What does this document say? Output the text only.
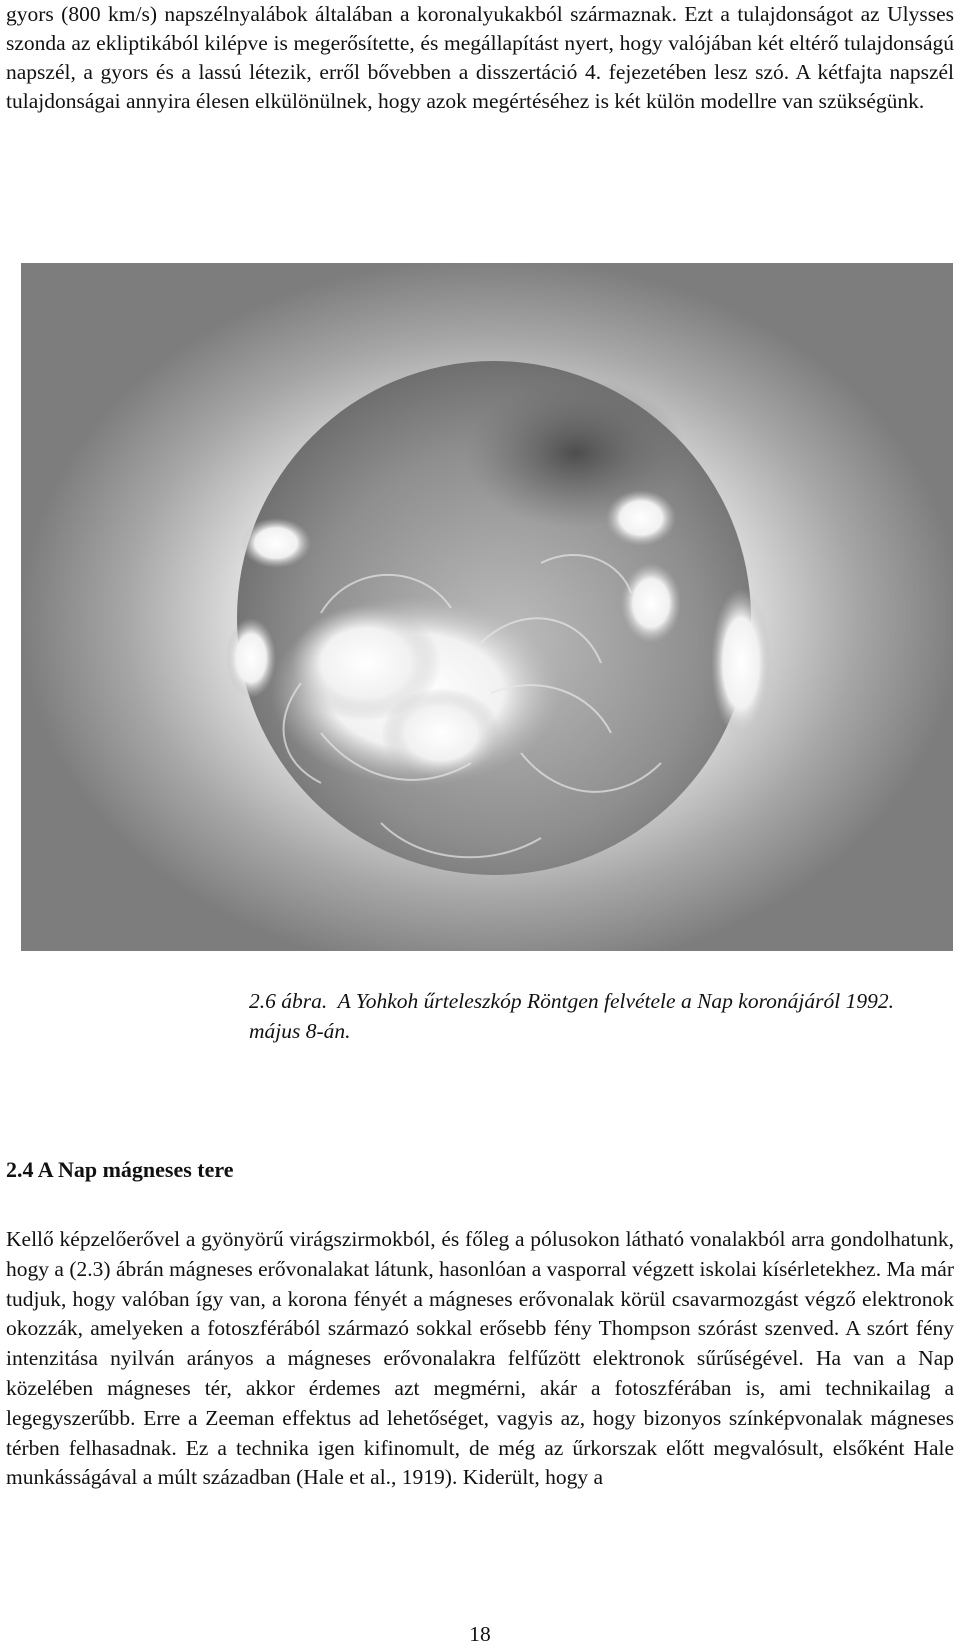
gyors (800 km/s) napszélnyalábok általában a koronalyukakból származnak. Ezt a tulajdonságot az Ulysses szonda az ekliptikából kilépve is megerősítette, és megállapítást nyert, hogy valójában két eltérő tulajdonságú napszél, a gyors és a lassú létezik, erről bővebben a disszertáció 4. fejezetében lesz szó. A kétfajta napszél tulajdonságai annyira élesen elkülönülnek, hogy azok megértéséhez is két külön modellre van szükségünk.

2.6 ábra. A Yohkoh űrteleszkóp Röntgen felvétele a Nap koronájáról 1992. május 8-án.

2.4 A Nap mágneses tere

Kellő képzelőerővel a gyönyörű virágszirmokból, és főleg a pólusokon látható vonalakból arra gondolhatunk, hogy a (2.3) ábrán mágneses erővonalakat látunk, hasonlóan a vasporral végzett iskolai kísérletekhez. Ma már tudjuk, hogy valóban így van, a korona fényét a mágneses erővonalak körül csavarmozgást végző elektronok okozzák, amelyeken a fotoszférából származó sokkal erősebb fény Thompson szórást szenved. A szórt fény intenzitása nyilván arányos a mágneses erővonalakra felfűzött elektronok sűrűségével. Ha van a Nap közelében mágneses tér, akkor érdemes azt megmérni, akár a fotoszférában is, ami technikailag a legegyszerűbb. Erre a Zeeman effektus ad lehetőséget, vagyis az, hogy bizonyos színképvonalak mágneses térben felhasadnak. Ez a technika igen kifinomult, de még az űrkorszak előtt megvalósult, elsőként Hale munkásságával a múlt században (Hale et al., 1919). Kiderült, hogy a

18
